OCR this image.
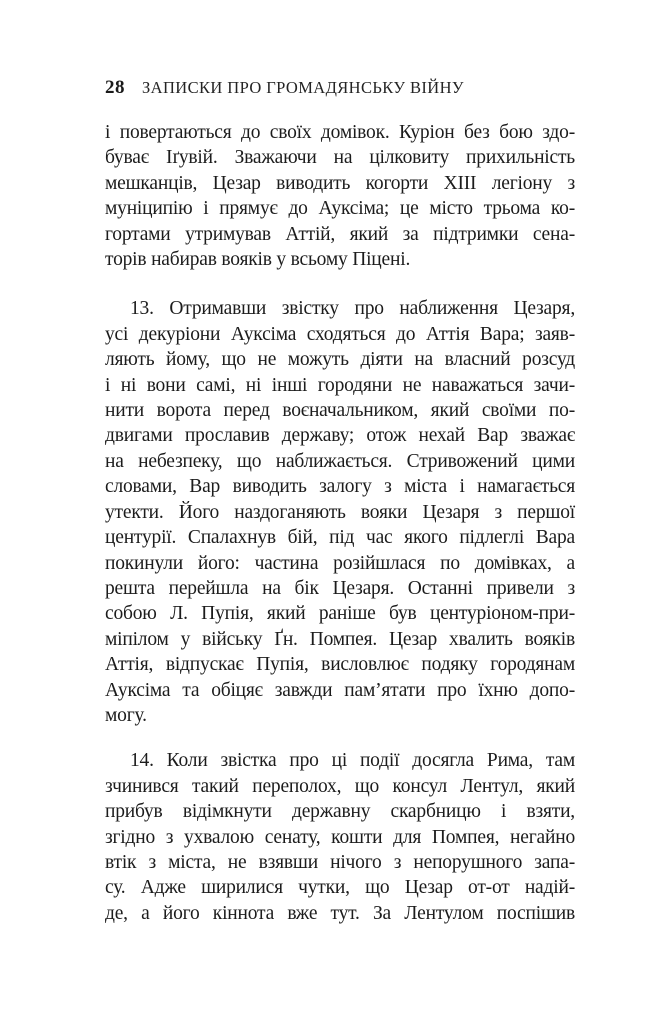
28 ЗАПИСКИ ПРО ГРОМАДЯНСЬКУ ВІЙНУ
і повертаються до своїх домівок. Куріон без бою здо-
буває Іґувій. Зважаючи на цілковиту прихильність
мешканців, Цезар виводить когорти XIII легіону з
муніципію і прямує до Ауксіма; це місто трьома ко-
гортами утримував Аттій, який за підтримки сена-
торів набирав вояків у всьому Піцені.
13. Отримавши звістку про наближення Цезаря,
усі декуріони Ауксіма сходяться до Аттія Вара; заяв-
ляють йому, що не можуть діяти на власний розсуд
і ні вони самі, ні інші городяни не наважаться зачи-
нити ворота перед воєначальником, який своїми по-
двигами прославив державу; отож нехай Вар зважає
на небезпеку, що наближається. Стривожений цими
словами, Вар виводить залогу з міста і намагається
утекти. Його наздоганяють вояки Цезаря з першої
центурії. Спалахнув бій, під час якого підлеглі Вара
покинули його: частина розійшлася по домівках, а
решта перейшла на бік Цезаря. Останні привели з
собою Л. Пупія, який раніше був центуріоном-при-
міпілом у війську Ґн. Помпея. Цезар хвалить вояків
Аттія, відпускає Пупія, висловлює подяку городянам
Ауксіма та обіцяє завжди пам’ятати про їхню допо-
могу.
14. Коли звістка про ці події досягла Рима, там
зчинився такий переполох, що консул Лентул, який
прибув відімкнути державну скарбницю і взяти,
згідно з ухвалою сенату, кошти для Помпея, негайно
втік з міста, не взявши нічого з непорушного запа-
су. Адже ширилися чутки, що Цезар от-от надій-
де, а його кіннота вже тут. За Лентулом поспішив
